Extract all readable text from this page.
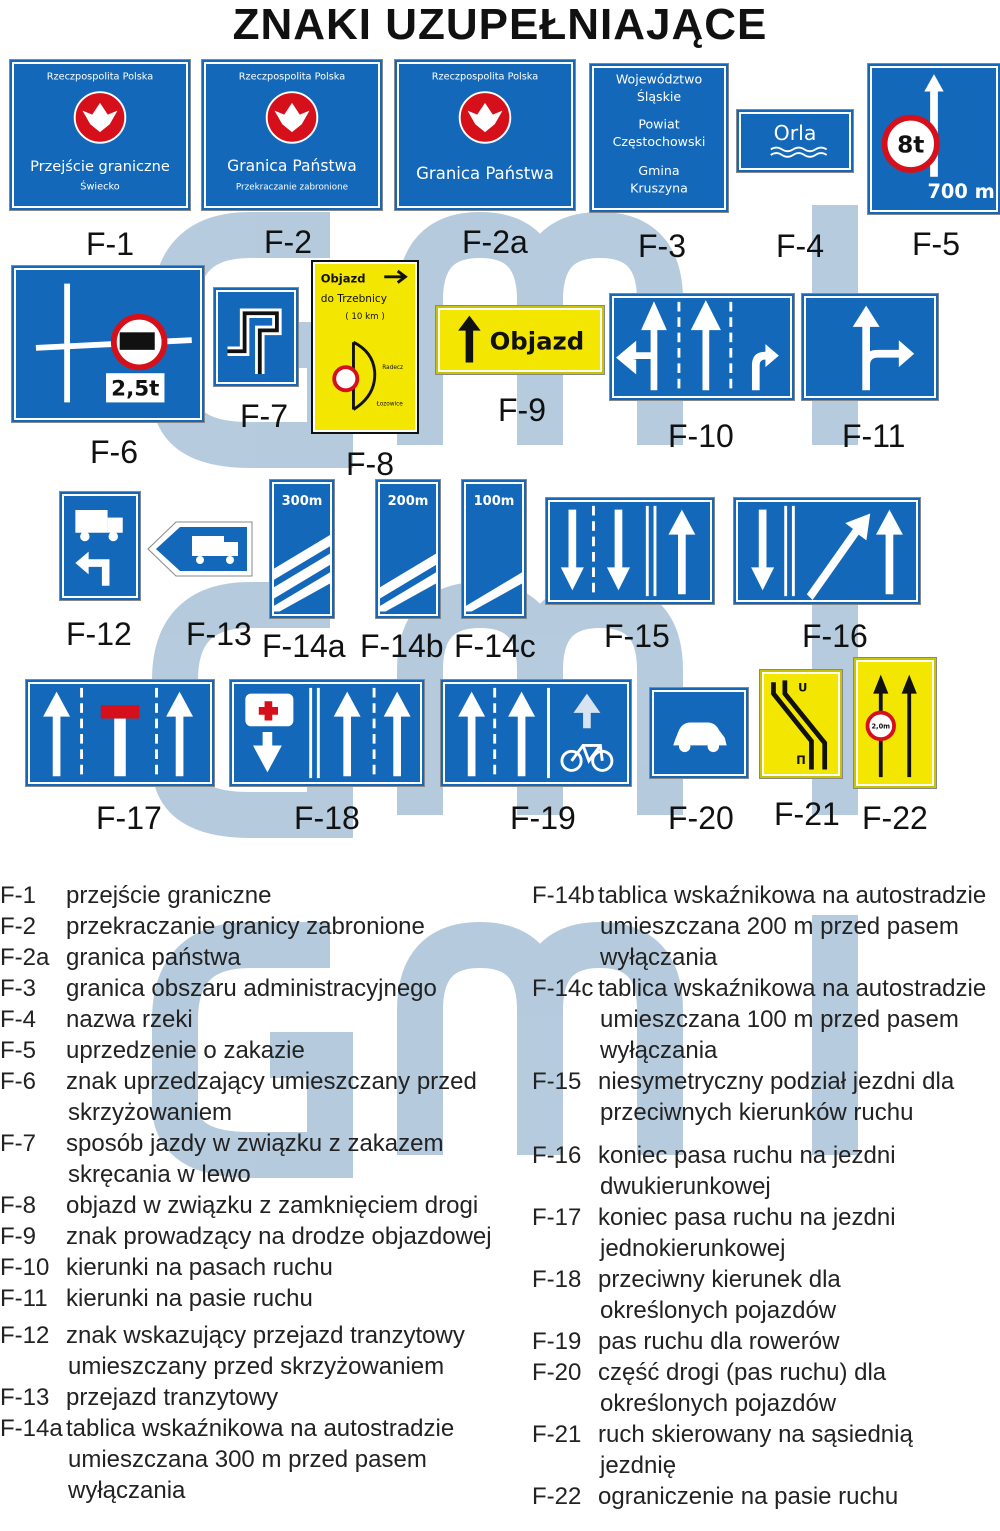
ZNAKI UZUPEŁNIAJĄCE
Rzeczpospolita Polska
Przejście graniczne
Świecko
F-1
Rzeczpospolita Polska
Granica Państwa
Przekraczanie zabronione
F-2
Rzeczpospolita Polska
Granica Państwa
F-2a
Województwo
Śląskie
Powiat
Częstochowski
Gmina
Kruszyna
F-3
Orla
F-4
8t
700 m
F-5
2,5t
F-6
F-7
Objazd
do Trzebnicy
( 10 km )
Radecz
Łozowice
F-8
Objazd
F-9
F-10	F-11
F-12 F-13
300m
F-14a
200m
F-14b
100m
F-14c F-15	F-16
F-17	F-18	F-19	F-20
U
Π
F-21
2,0m
F-22
F-1 przejście graniczne
F-2 przekraczanie granicy zabronione
F-2a granica państwa
F-3 granica obszaru administracyjnego
F-4 nazwa rzeki
F-5 uprzedzenie o zakazie
F-6 znak uprzedzający umieszczany przed
skrzyżowaniem
F-7 sposób jazdy w związku z zakazem
skręcania w lewo
F-8 objazd w związku z zamknięciem drogi
F-9 znak prowadzący na drodze objazdowej
F-10 kierunki na pasach ruchu
F-11 kierunki na pasie ruchu
F-12 znak wskazujący przejazd tranzytowy
umieszczany przed skrzyżowaniem
F-13 przejazd tranzytowy
F-14a tablica wskaźnikowa na autostradzie
umieszczana 300 m przed pasem
wyłączania
F-14b tablica wskaźnikowa na autostradzie
umieszczana 200 m przed pasem
wyłączania
F-14c tablica wskaźnikowa na autostradzie
umieszczana 100 m przed pasem
wyłączania
F-15 niesymetryczny podział jezdni dla
przeciwnych kierunków ruchu
F-16 koniec pasa ruchu na jezdni
dwukierunkowej
F-17 koniec pasa ruchu na jezdni
jednokierunkowej
F-18 przeciwny kierunek dla
określonych pojazdów
F-19 pas ruchu dla rowerów
F-20 część drogi (pas ruchu) dla
określonych pojazdów
F-21 ruch skierowany na sąsiednią
jezdnię
F-22 ograniczenie na pasie ruchu
